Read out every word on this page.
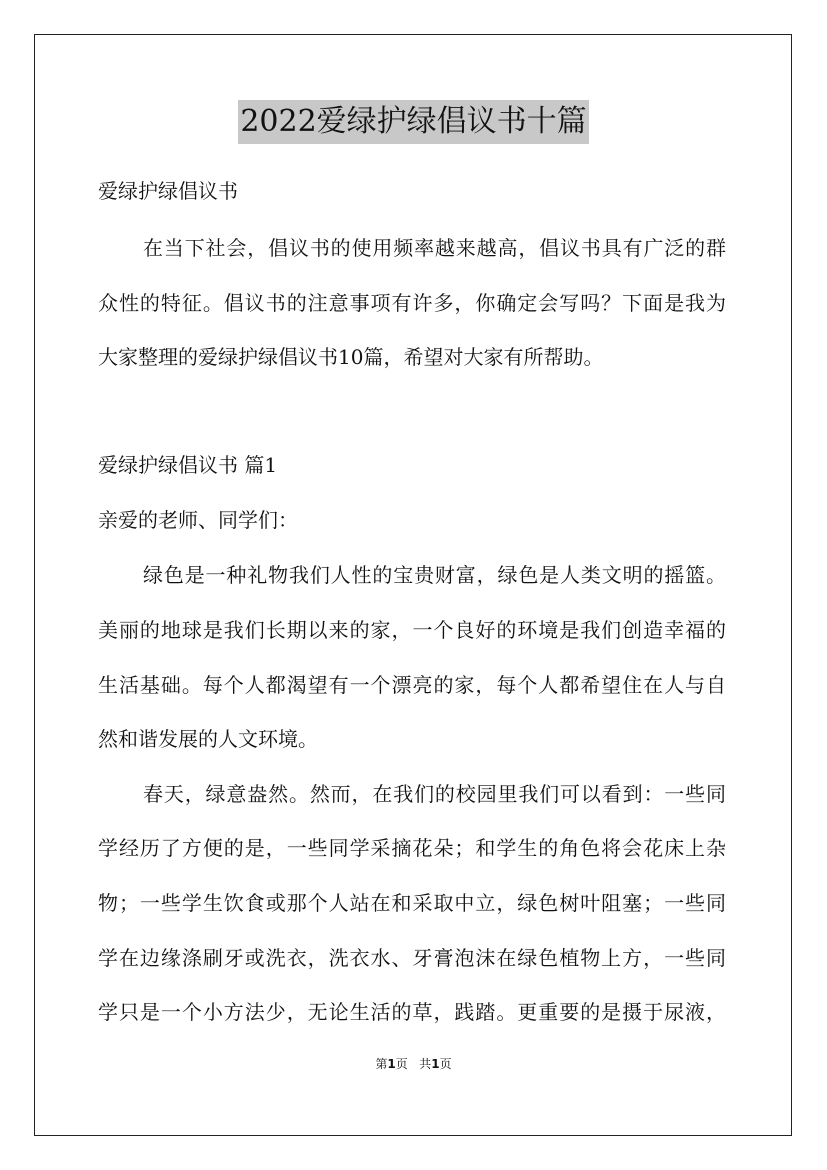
2022爱绿护绿倡议书十篇
爱绿护绿倡议书
在当下社会，倡议书的使用频率越来越高，倡议书具有广泛的群
众性的特征。倡议书的注意事项有许多，你确定会写吗？下面是我为
大家整理的爱绿护绿倡议书10篇，希望对大家有所帮助。
爱绿护绿倡议书 篇1
亲爱的老师、同学们：
绿色是一种礼物我们人性的宝贵财富，绿色是人类文明的摇篮。
美丽的地球是我们长期以来的家，一个良好的环境是我们创造幸福的
生活基础。每个人都渴望有一个漂亮的家，每个人都希望住在人与自
然和谐发展的人文环境。
春天，绿意盎然。然而，在我们的校园里我们可以看到：一些同
学经历了方便的是，一些同学采摘花朵；和学生的角色将会花床上杂
物；一些学生饮食或那个人站在和采取中立，绿色树叶阻塞；一些同
学在边缘涤刷牙或洗衣，洗衣水、牙膏泡沫在绿色植物上方，一些同
学只是一个小方法少，无论生活的草，践踏。更重要的是摄于尿液，
第1页 共1页
